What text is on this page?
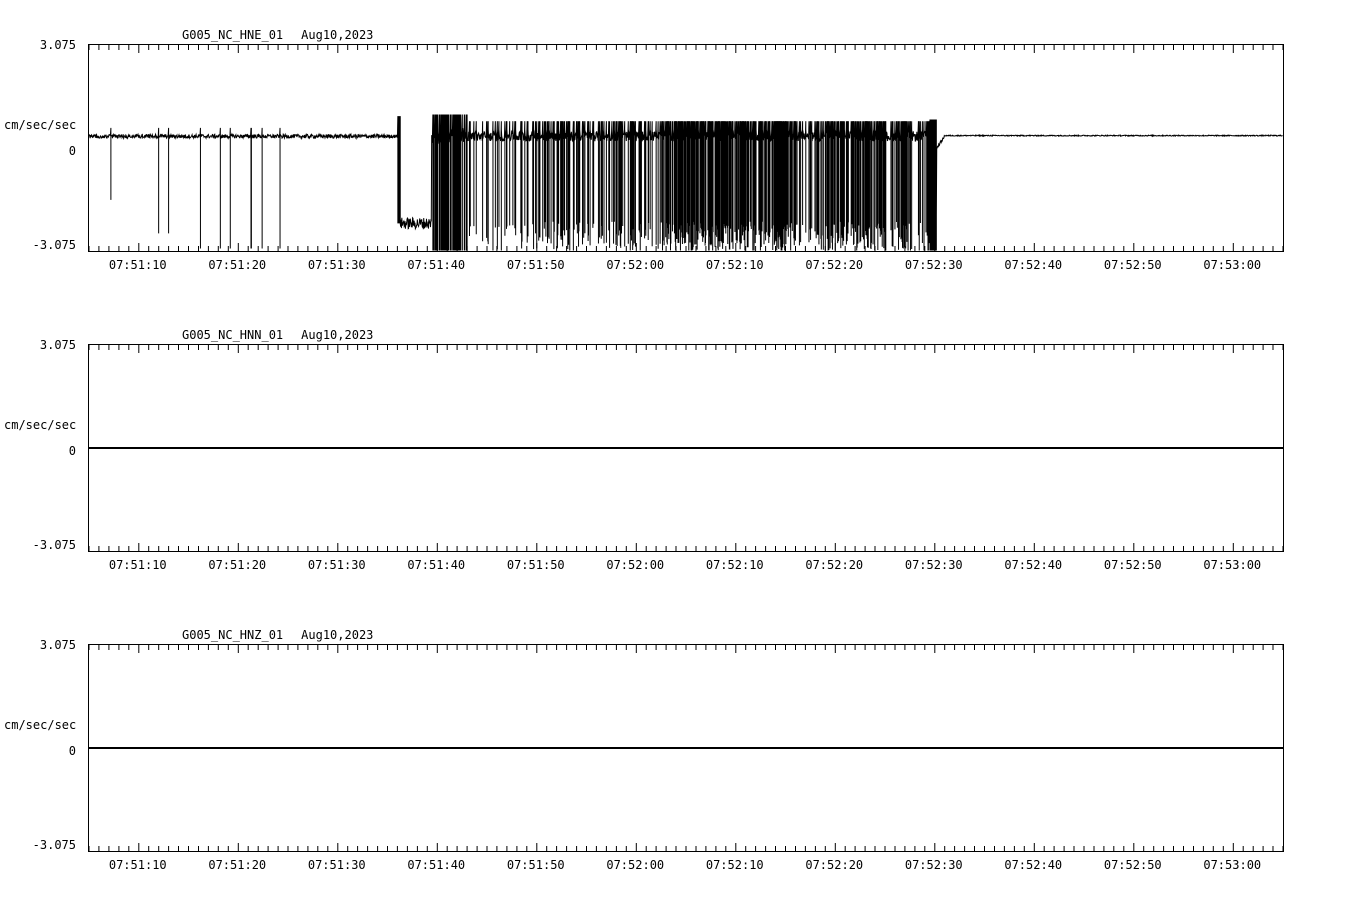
G005_NC_HNE_01 Aug10,2023
cm/sec/sec
3.075
0
-3.075
07:51:10	07:51:20	07:51:30	07:51:40	07:51:50	07:52:00	07:52:10	07:52:20	07:52:30	07:52:40	07:52:50	07:53:00
G005_NC_HNN_01 Aug10,2023
cm/sec/sec
3.075
0
-3.075
07:51:10	07:51:20	07:51:30	07:51:40	07:51:50	07:52:00	07:52:10	07:52:20	07:52:30	07:52:40	07:52:50	07:53:00
G005_NC_HNZ_01 Aug10,2023
cm/sec/sec
3.075
0
-3.075
07:51:10	07:51:20	07:51:30	07:51:40	07:51:50	07:52:00	07:52:10	07:52:20	07:52:30	07:52:40	07:52:50	07:53:00
